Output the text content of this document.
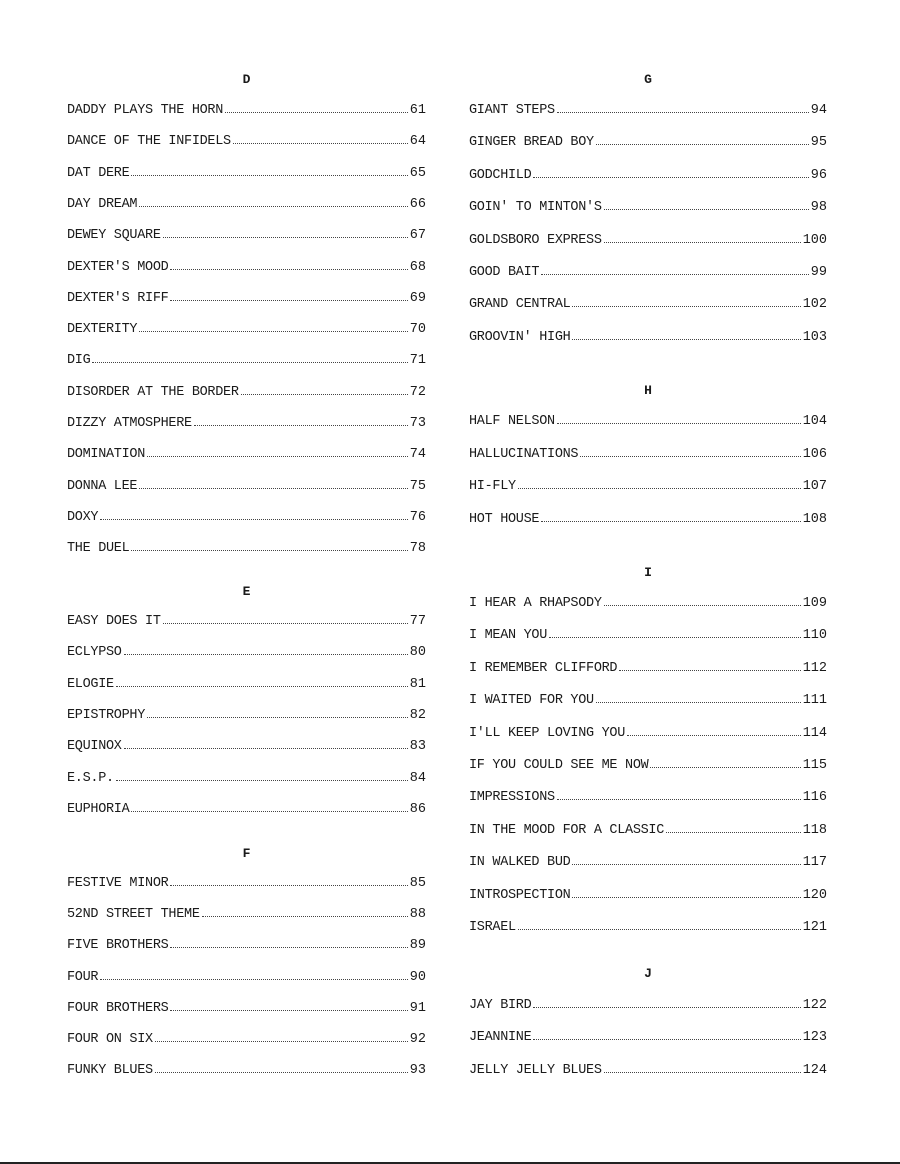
D
DADDY PLAYS THE HORN	61
DANCE OF THE INFIDELS	64
DAT DERE	65
DAY DREAM	66
DEWEY SQUARE	67
DEXTER'S MOOD	68
DEXTER'S RIFF	69
DEXTERITY	70
DIG	71
DISORDER AT THE BORDER	72
DIZZY ATMOSPHERE	73
DOMINATION	74
DONNA LEE	75
DOXY	76
THE DUEL	78
E
EASY DOES IT	77
ECLYPSO	80
ELOGIE	81
EPISTROPHY	82
EQUINOX	83
E.S.P.	84
EUPHORIA	86
F
FESTIVE MINOR	85
52ND STREET THEME	88
FIVE BROTHERS	89
FOUR	90
FOUR BROTHERS	91
FOUR ON SIX	92
FUNKY BLUES	93
G
GIANT STEPS	94
GINGER BREAD BOY	95
GODCHILD	96
GOIN' TO MINTON'S	98
GOLDSBORO EXPRESS	100
GOOD BAIT	99
GRAND CENTRAL	102
GROOVIN' HIGH	103
H
HALF NELSON	104
HALLUCINATIONS	106
HI-FLY	107
HOT HOUSE	108
I
I HEAR A RHAPSODY	109
I MEAN YOU	110
I REMEMBER CLIFFORD	112
I WAITED FOR YOU	111
I'LL KEEP LOVING YOU	114
IF YOU COULD SEE ME NOW	115
IMPRESSIONS	116
IN THE MOOD FOR A CLASSIC	118
IN WALKED BUD	117
INTROSPECTION	120
ISRAEL	121
J
JAY BIRD	122
JEANNINE	123
JELLY JELLY BLUES	124
